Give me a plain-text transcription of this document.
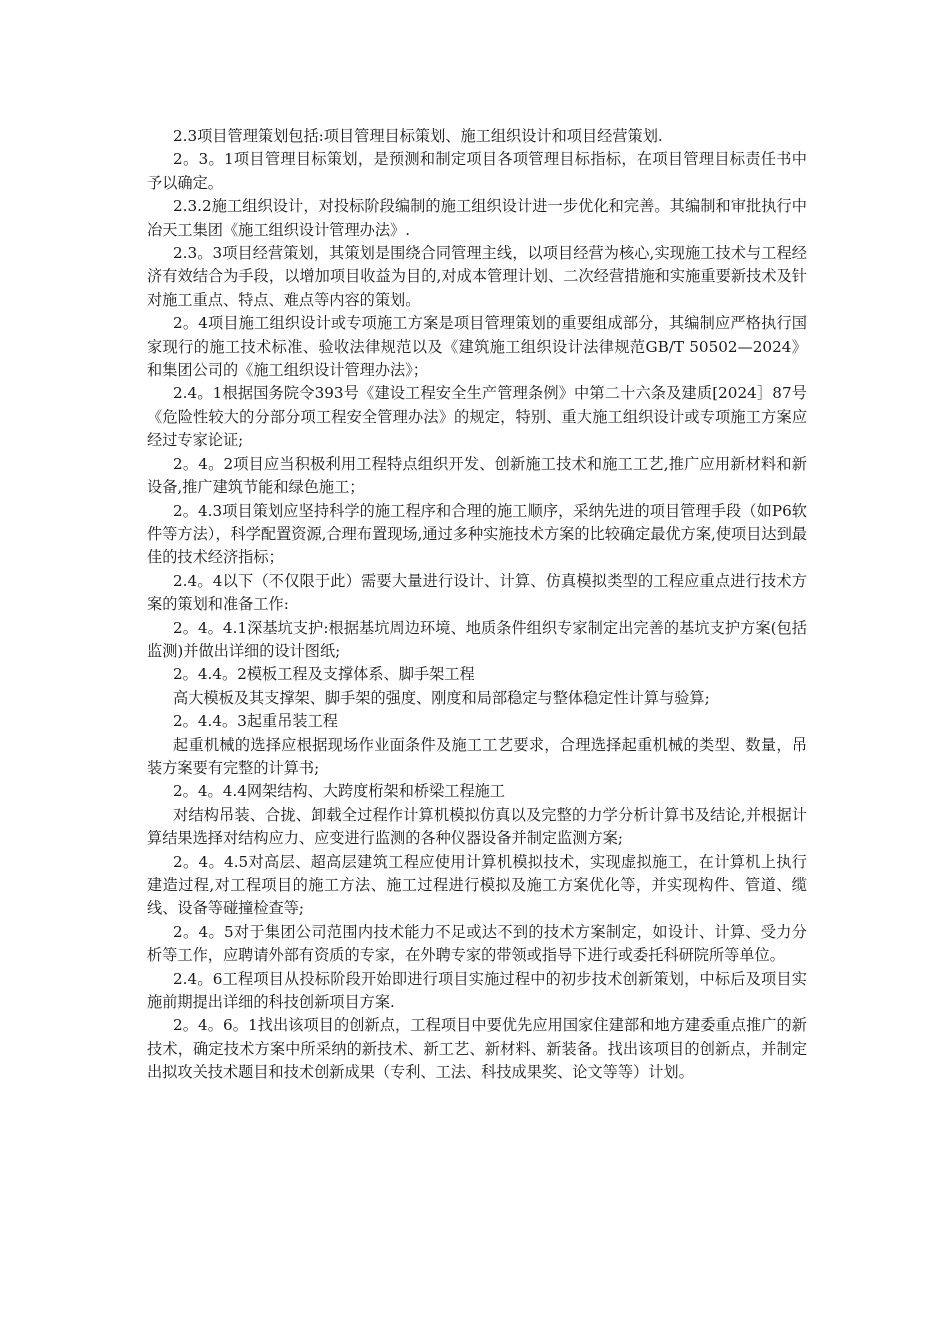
2.3项目管理策划包括:项目管理目标策划、施工组织设计和项目经营策划.

2。3。1项目管理目标策划，是预测和制定项目各项管理目标指标，在项目管理目标责任书中予以确定。

2.3.2施工组织设计，对投标阶段编制的施工组织设计进一步优化和完善。其编制和审批执行中冶天工集团《施工组织设计管理办法》.

2.3。3项目经营策划，其策划是围绕合同管理主线，以项目经营为核心,实现施工技术与工程经济有效结合为手段，以增加项目收益为目的,对成本管理计划、二次经营措施和实施重要新技术及针对施工重点、特点、难点等内容的策划。

2。4项目施工组织设计或专项施工方案是项目管理策划的重要组成部分，其编制应严格执行国家现行的施工技术标准、验收法律规范以及《建筑施工组织设计法律规范GB/T 50502—2024》和集团公司的《施工组织设计管理办法》；

2.4。1根据国务院令393号《建设工程安全生产管理条例》中第二十六条及建质[2024］87号《危险性较大的分部分项工程安全管理办法》的规定，特别、重大施工组织设计或专项施工方案应经过专家论证;

2。4。2项目应当积极利用工程特点组织开发、创新施工技术和施工工艺,推广应用新材料和新设备,推广建筑节能和绿色施工；

2。4.3项目策划应坚持科学的施工程序和合理的施工顺序，采纳先进的项目管理手段（如P6软件等方法），科学配置资源,合理布置现场,通过多种实施技术方案的比较确定最优方案,使项目达到最佳的技术经济指标；

2.4。4以下（不仅限于此）需要大量进行设计、计算、仿真模拟类型的工程应重点进行技术方案的策划和准备工作:

2。4。4.1深基坑支护:根据基坑周边环境、地质条件组织专家制定出完善的基坑支护方案(包括监测)并做出详细的设计图纸;

2。4.4。2模板工程及支撑体系、脚手架工程

高大模板及其支撑架、脚手架的强度、刚度和局部稳定与整体稳定性计算与验算;

2。4.4。3起重吊装工程

起重机械的选择应根据现场作业面条件及施工工艺要求，合理选择起重机械的类型、数量，吊装方案要有完整的计算书;

2。4。4.4网架结构、大跨度桁架和桥梁工程施工

对结构吊装、合拢、卸载全过程作计算机模拟仿真以及完整的力学分析计算书及结论,并根据计算结果选择对结构应力、应变进行监测的各种仪器设备并制定监测方案;

2。4。4.5对高层、超高层建筑工程应使用计算机模拟技术，实现虚拟施工，在计算机上执行建造过程,对工程项目的施工方法、施工过程进行模拟及施工方案优化等，并实现构件、管道、缆线、设备等碰撞检查等;

2。4。5对于集团公司范围内技术能力不足或达不到的技术方案制定，如设计、计算、受力分析等工作，应聘请外部有资质的专家，在外聘专家的带领或指导下进行或委托科研院所等单位。

2.4。6工程项目从投标阶段开始即进行项目实施过程中的初步技术创新策划，中标后及项目实施前期提出详细的科技创新项目方案.

2。4。6。1找出该项目的创新点，工程项目中要优先应用国家住建部和地方建委重点推广的新技术，确定技术方案中所采纳的新技术、新工艺、新材料、新装备。找出该项目的创新点，并制定出拟攻关技术题目和技术创新成果（专利、工法、科技成果奖、论文等等）计划。
